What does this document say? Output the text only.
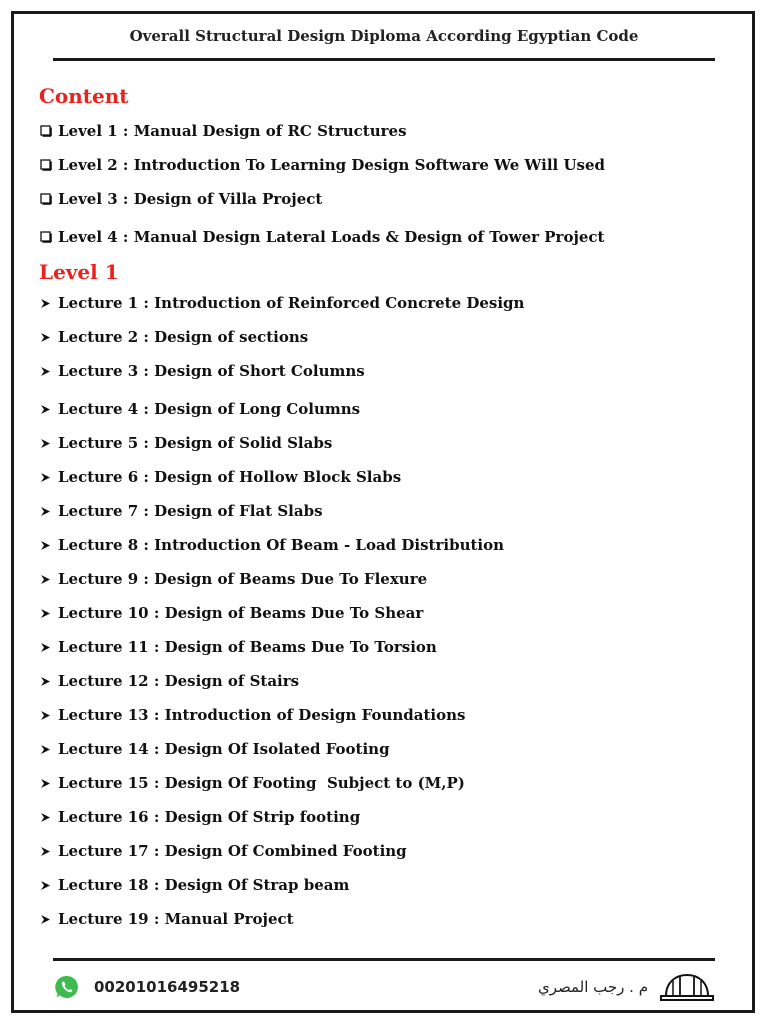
Overall Structural Design Diploma According Egyptian Code
Content
Level 1 : Manual Design of RC Structures
Level 2 : Introduction To Learning Design Software We Will Used
Level 3 : Design of Villa Project
Level 4 : Manual Design Lateral Loads & Design of Tower Project
Level 1
Lecture 1 : Introduction of Reinforced Concrete Design
Lecture 2 : Design of sections
Lecture 3 : Design of Short Columns
Lecture 4 : Design of Long Columns
Lecture 5 : Design of Solid Slabs
Lecture 6 : Design of Hollow Block Slabs
Lecture 7 : Design of Flat Slabs
Lecture 8 : Introduction Of Beam - Load Distribution
Lecture 9 : Design of Beams Due To Flexure
Lecture 10 : Design of Beams Due To Shear
Lecture 11 : Design of Beams Due To Torsion
Lecture 12 : Design of Stairs
Lecture 13 : Introduction of Design Foundations
Lecture 14 : Design Of Isolated Footing
Lecture 15 : Design Of Footing  Subject to (M,P)
Lecture 16 : Design Of Strip footing
Lecture 17 : Design Of Combined Footing
Lecture 18 : Design Of Strap beam
Lecture 19 : Manual Project
00201016495218	م . رجب المصري
